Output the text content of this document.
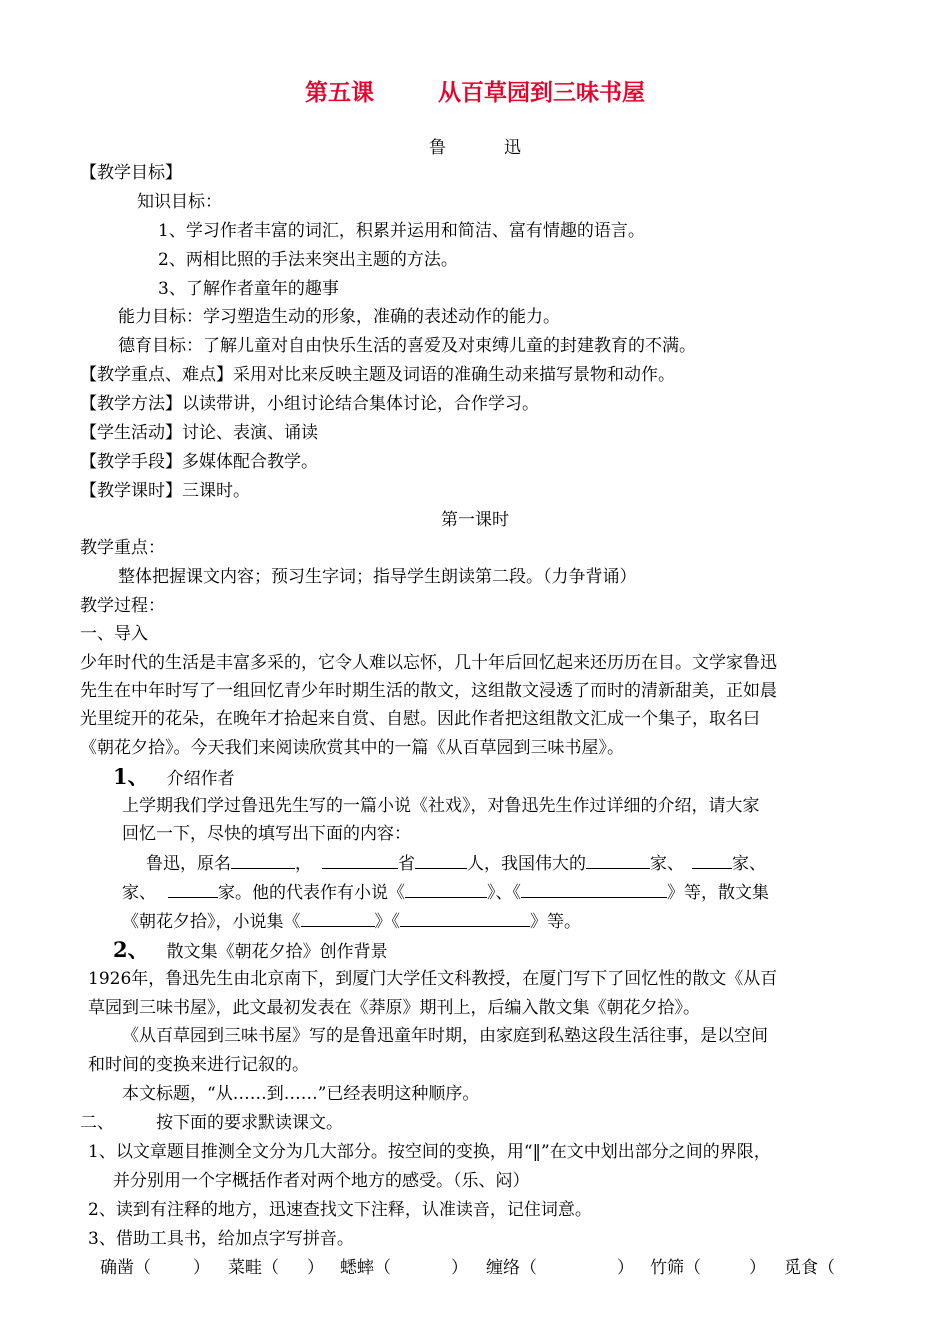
第五课	从百草园到三味书屋
鲁	迅
【教学目标】
知识目标：
1、学习作者丰富的词汇，积累并运用和简洁、富有情趣的语言。
2、两相比照的手法来突出主题的方法。
3、了解作者童年的趣事
能力目标：学习塑造生动的形象，准确的表述动作的能力。
德育目标：了解儿童对自由快乐生活的喜爱及对束缚儿童的封建教育的不满。
【教学重点、难点】采用对比来反映主题及词语的准确生动来描写景物和动作。
【教学方法】以读带讲，小组讨论结合集体讨论，合作学习。
【学生活动】讨论、表演、诵读
【教学手段】多媒体配合教学。
【教学课时】三课时。
第一课时
教学重点：
整体把握课文内容；预习生字词；指导学生朗读第二段。（力争背诵）
教学过程：
一、导入
少年时代的生活是丰富多采的，它令人难以忘怀，几十年后回忆起来还历历在目。文学家鲁迅
先生在中年时写了一组回忆青少年时期生活的散文，这组散文浸透了而时的清新甜美，正如晨
光里绽开的花朵，在晚年才拾起来自赏、自慰。因此作者把这组散文汇成一个集子，取名曰
《朝花夕拾》。今天我们来阅读欣赏其中的一篇《从百草园到三味书屋》。
1、 介绍作者
上学期我们学过鲁迅先生写的一篇小说《社戏》，对鲁迅先生作过详细的介绍，请大家
回忆一下，尽快的填写出下面的内容：
鲁迅，原名	，	省	人，我国伟大的	家、	家、
家、	家。他的代表作有小说《	》、《	》等，散文集
《朝花夕拾》，小说集《	》《	》等。
2、 散文集《朝花夕拾》创作背景
1926年，鲁迅先生由北京南下，到厦门大学任文科教授，在厦门写下了回忆性的散文《从百
草园到三味书屋》，此文最初发表在《莽原》期刊上，后编入散文集《朝花夕拾》。
《从百草园到三味书屋》写的是鲁迅童年时期，由家庭到私塾这段生活往事，是以空间
和时间的变换来进行记叙的。
本文标题，“从……到……”已经表明这种顺序。
二、 按下面的要求默读课文。
1、以文章题目推测全文分为几大部分。按空间的变换，用“‖”在文中划出部分之间的界限，
并分别用一个字概括作者对两个地方的感受。（乐、闷）
2、读到有注释的地方，迅速查找文下注释，认准读音，记住词意。
3、借助工具书，给加点字写拼音。
确凿（ ） 菜畦（ ） 蟋蟀（	） 缠络（	） 竹筛（	） 觅食（
